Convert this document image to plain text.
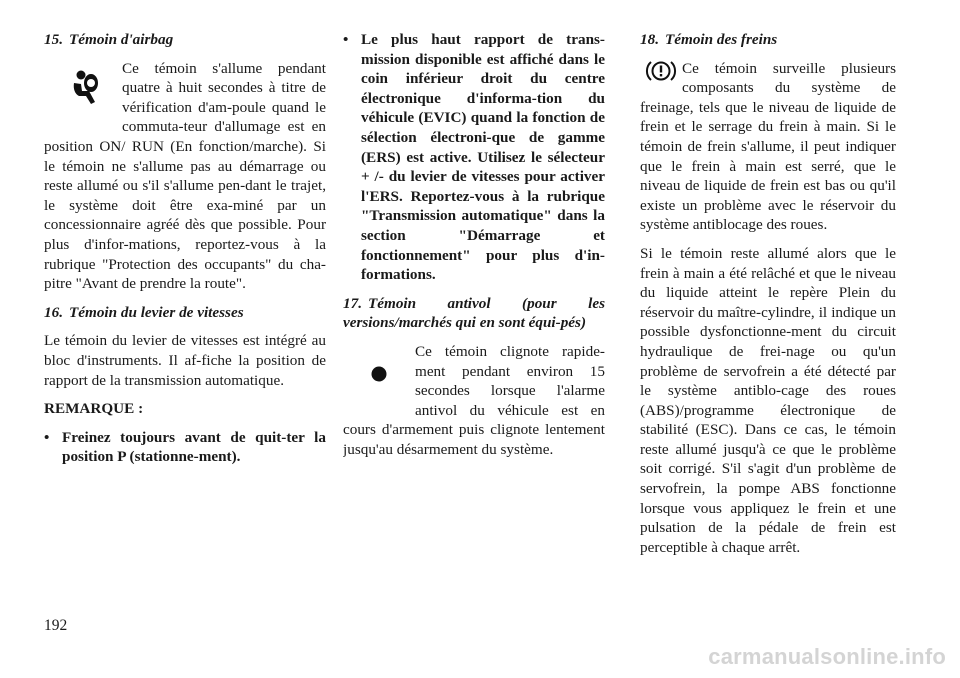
15. Témoin d'airbag

Ce témoin s'allume pendant quatre à huit secondes à titre de vérification d'am-poule quand le commuta-teur d'allumage est en position ON/ RUN (En fonction/marche). Si le témoin ne s'allume pas au démarrage ou reste allumé ou s'il s'allume pen-dant le trajet, le système doit être exa-miné par un concessionnaire agréé dès que possible. Pour plus d'infor-mations, reportez-vous à la rubrique "Protection des occupants" du cha-pitre "Avant de prendre la route".

16. Témoin du levier de vitesses

Le témoin du levier de vitesses est intégré au bloc d'instruments. Il af-fiche la position de rapport de la transmission automatique.

REMARQUE :

• Freinez toujours avant de quit-ter la position P (stationne-ment).

• Le plus haut rapport de trans-mission disponible est affiché dans le coin inférieur droit du centre électronique d'informa-tion du véhicule (EVIC) quand la fonction de sélection électroni-que de gamme (ERS) est active. Utilisez le sélecteur + /- du levier de vitesses pour activer l'ERS. Reportez-vous à la rubrique "Transmission automatique" dans la section "Démarrage et fonctionnement" pour plus d'in-formations.

17. Témoin antivol (pour les versions/marchés qui en sont équi-pés)

Ce témoin clignote rapide-ment pendant environ 15 secondes lorsque l'alarme antivol du véhicule est en cours d'armement puis clignote lentement jusqu'au désarmement du système.

18. Témoin des freins

Ce témoin surveille plusieurs composants du système de freinage, tels que le niveau de liquide de frein et le serrage du frein à main. Si le témoin de frein s'allume, il peut indiquer que le frein à main est serré, que le niveau de liquide de frein est bas ou qu'il existe un problème avec le réservoir du système antiblocage des roues.

Si le témoin reste allumé alors que le frein à main a été relâché et que le niveau du liquide atteint le repère Plein du réservoir du maître-cylindre, il indique un possible dysfonctionne-ment du circuit hydraulique de frei-nage ou qu'un problème de servofrein a été détecté par le système antiblo-cage des roues (ABS)/programme électronique de stabilité (ESC). Dans ce cas, le témoin reste allumé jusqu'à ce que le problème soit corrigé. S'il s'agit d'un problème de servofrein, la pompe ABS fonctionne lorsque vous appliquez le frein et une pulsation de la pédale de frein est perceptible à chaque arrêt.

192
carmanualsonline.info
